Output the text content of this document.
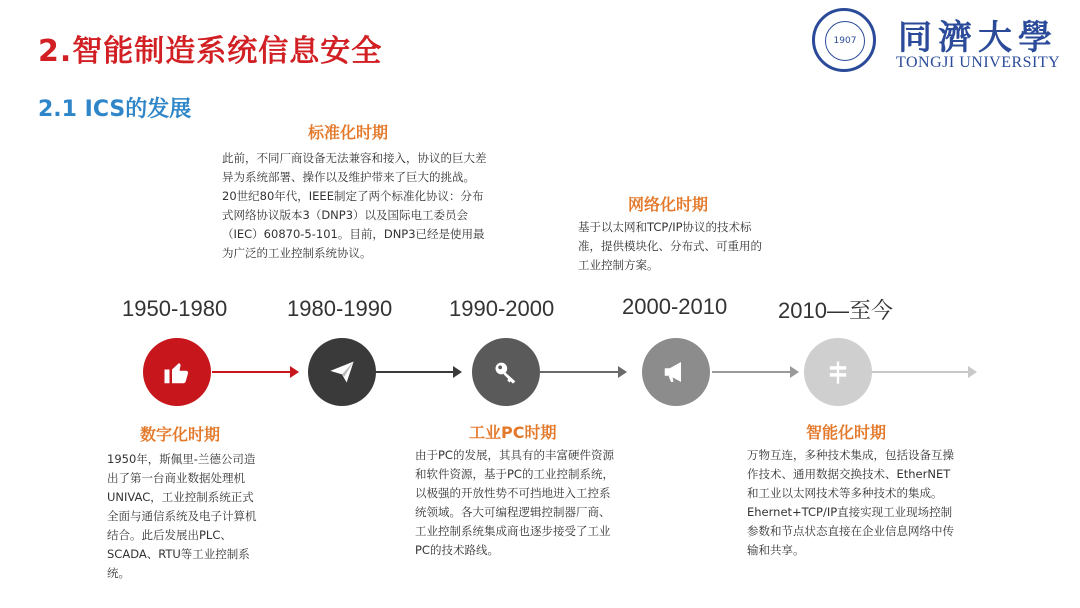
2.智能制造系统信息安全
2.1 ICS的发展
1907 同濟大學
TONGJI UNIVERSITY
1950-1980
数字化时期
1950年，斯佩里-兰德公司造出了第一台商业数据处理机UNIVAC，工业控制系统正式全面与通信系统及电子计算机结合。此后发展出PLC、SCADA、RTU等工业控制系统。
1980-1990
标准化时期
此前，不同厂商设备无法兼容和接入，协议的巨大差异为系统部署、操作以及维护带来了巨大的挑战。20世纪80年代，IEEE制定了两个标准化协议：分布式网络协议版本3（DNP3）以及国际电工委员会（IEC）60870-5-101。目前，DNP3已经是使用最为广泛的工业控制系统协议。
1990-2000
工业PC时期
由于PC的发展，其具有的丰富硬件资源和软件资源，基于PC的工业控制系统，以极强的开放性势不可挡地进入工控系统领域。各大可编程逻辑控制器厂商、工业控制系统集成商也逐步接受了工业PC的技术路线。
2000-2010
网络化时期
基于以太网和TCP/IP协议的技术标准，提供模块化、分布式、可重用的工业控制方案。
2010—至今
智能化时期
万物互连，多种技术集成，包括设备互操作技术、通用数据交换技术、EtherNET和工业以太网技术等多种技术的集成。Ehernet+TCP/IP直接实现工业现场控制参数和节点状态直接在企业信息网络中传输和共享。
